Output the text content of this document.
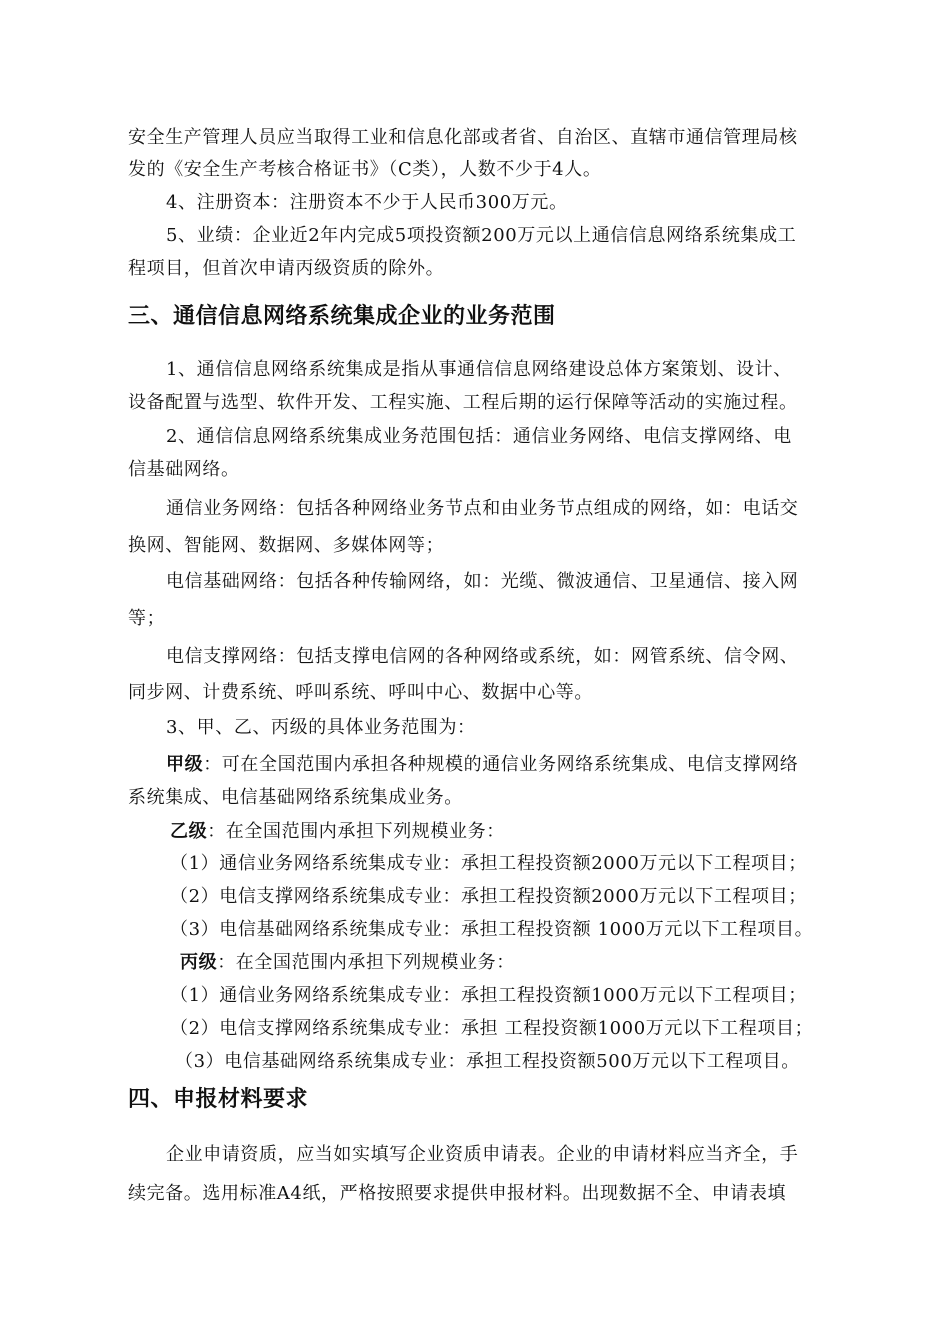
安全生产管理人员应当取得工业和信息化部或者省、自治区、直辖市通信管理局核
发的《安全生产考核合格证书》（C类），人数不少于4人。
4、注册资本：注册资本不少于人民币300万元。
5、业绩：企业近2年内完成5项投资额200万元以上通信信息网络系统集成工
程项目，但首次申请丙级资质的除外。
三、通信信息网络系统集成企业的业务范围
1、通信信息网络系统集成是指从事通信信息网络建设总体方案策划、设计、
设备配置与选型、软件开发、工程实施、工程后期的运行保障等活动的实施过程。
2、通信信息网络系统集成业务范围包括：通信业务网络、电信支撑网络、电
信基础网络。
通信业务网络：包括各种网络业务节点和由业务节点组成的网络，如：电话交
换网、智能网、数据网、多媒体网等；
电信基础网络：包括各种传输网络，如：光缆、微波通信、卫星通信、接入网
等；
电信支撑网络：包括支撑电信网的各种网络或系统，如：网管系统、信令网、
同步网、计费系统、呼叫系统、呼叫中心、数据中心等。
3、甲、乙、丙级的具体业务范围为：
甲级：可在全国范围内承担各种规模的通信业务网络系统集成、电信支撑网络
系统集成、电信基础网络系统集成业务。
乙级：在全国范围内承担下列规模业务：
（1）通信业务网络系统集成专业：承担工程投资额2000万元以下工程项目；
（2）电信支撑网络系统集成专业：承担工程投资额2000万元以下工程项目；
（3）电信基础网络系统集成专业：承担工程投资额 1000万元以下工程项目。
丙级：在全国范围内承担下列规模业务：
（1）通信业务网络系统集成专业：承担工程投资额1000万元以下工程项目；
（2）电信支撑网络系统集成专业：承担 工程投资额1000万元以下工程项目；
（3）电信基础网络系统集成专业：承担工程投资额500万元以下工程项目。
四、申报材料要求
企业申请资质，应当如实填写企业资质申请表。企业的申请材料应当齐全，手
续完备。选用标准A4纸，严格按照要求提供申报材料。出现数据不全、申请表填
